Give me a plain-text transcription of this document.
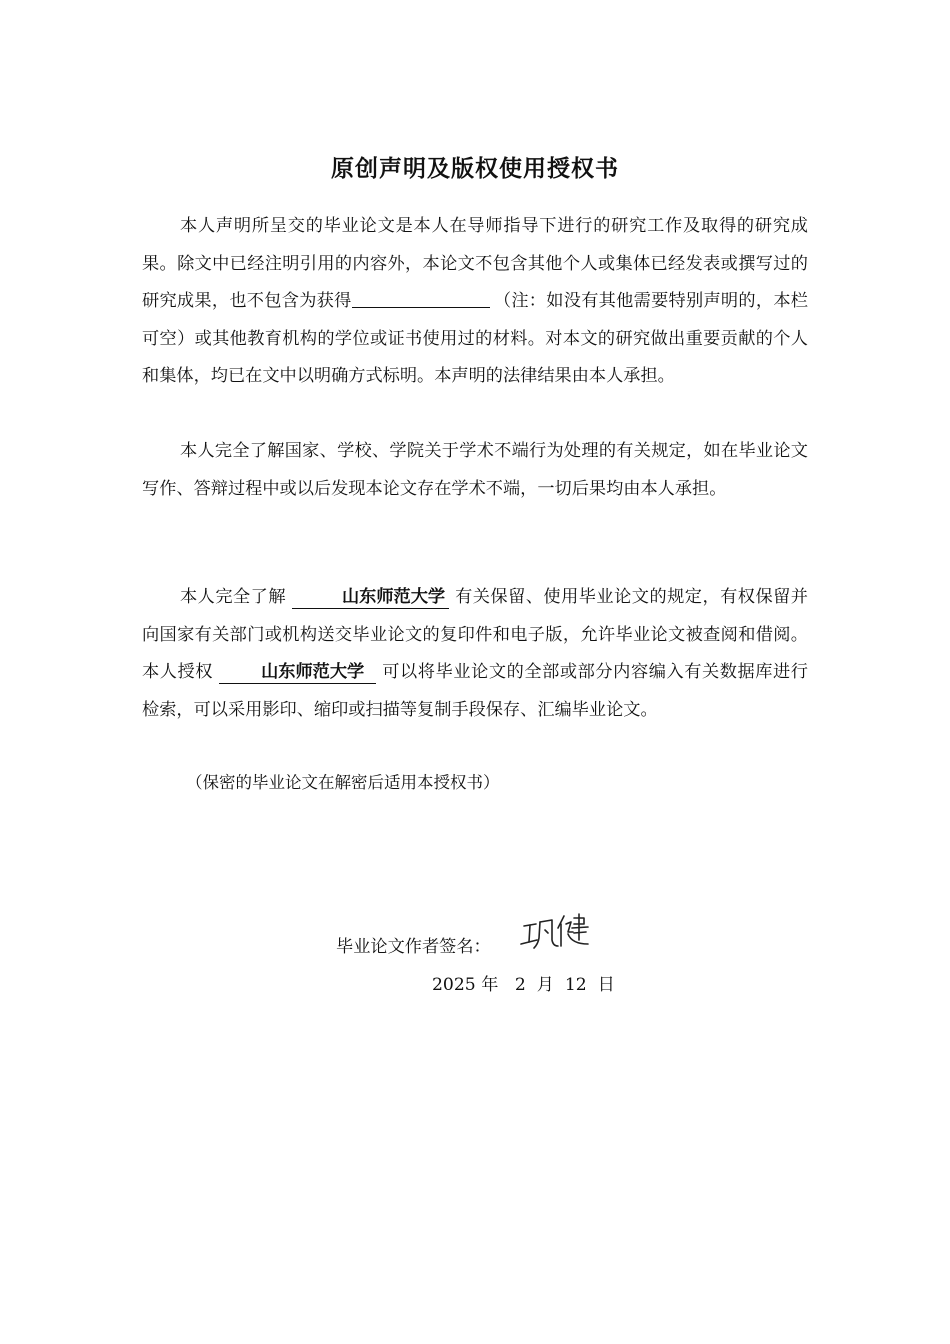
原创声明及版权使用授权书

本人声明所呈交的毕业论文是本人在导师指导下进行的研究工作及取得的研究成果。除文中已经注明引用的内容外，本论文不包含其他个人或集体已经发表或撰写过的研究成果，也不包含为获得	（注：如没有其他需要特别声明的，本栏可空）或其他教育机构的学位或证书使用过的材料。对本文的研究做出重要贡献的个人和集体，均已在文中以明确方式标明。本声明的法律结果由本人承担。

本人完全了解国家、学校、学院关于学术不端行为处理的有关规定，如在毕业论文写作、答辩过程中或以后发现本论文存在学术不端，一切后果均由本人承担。

本人完全了解	山东师范大学 有关保留、使用毕业论文的规定，有权保留并向国家有关部门或机构送交毕业论文的复印件和电子版，允许毕业论文被查阅和借阅。本人授权	山东师范大学 可以将毕业论文的全部或部分内容编入有关数据库进行检索，可以采用影印、缩印或扫描等复制手段保存、汇编毕业论文。

（保密的毕业论文在解密后适用本授权书）
毕业论文作者签名：
2025 年 2 月 12 日
